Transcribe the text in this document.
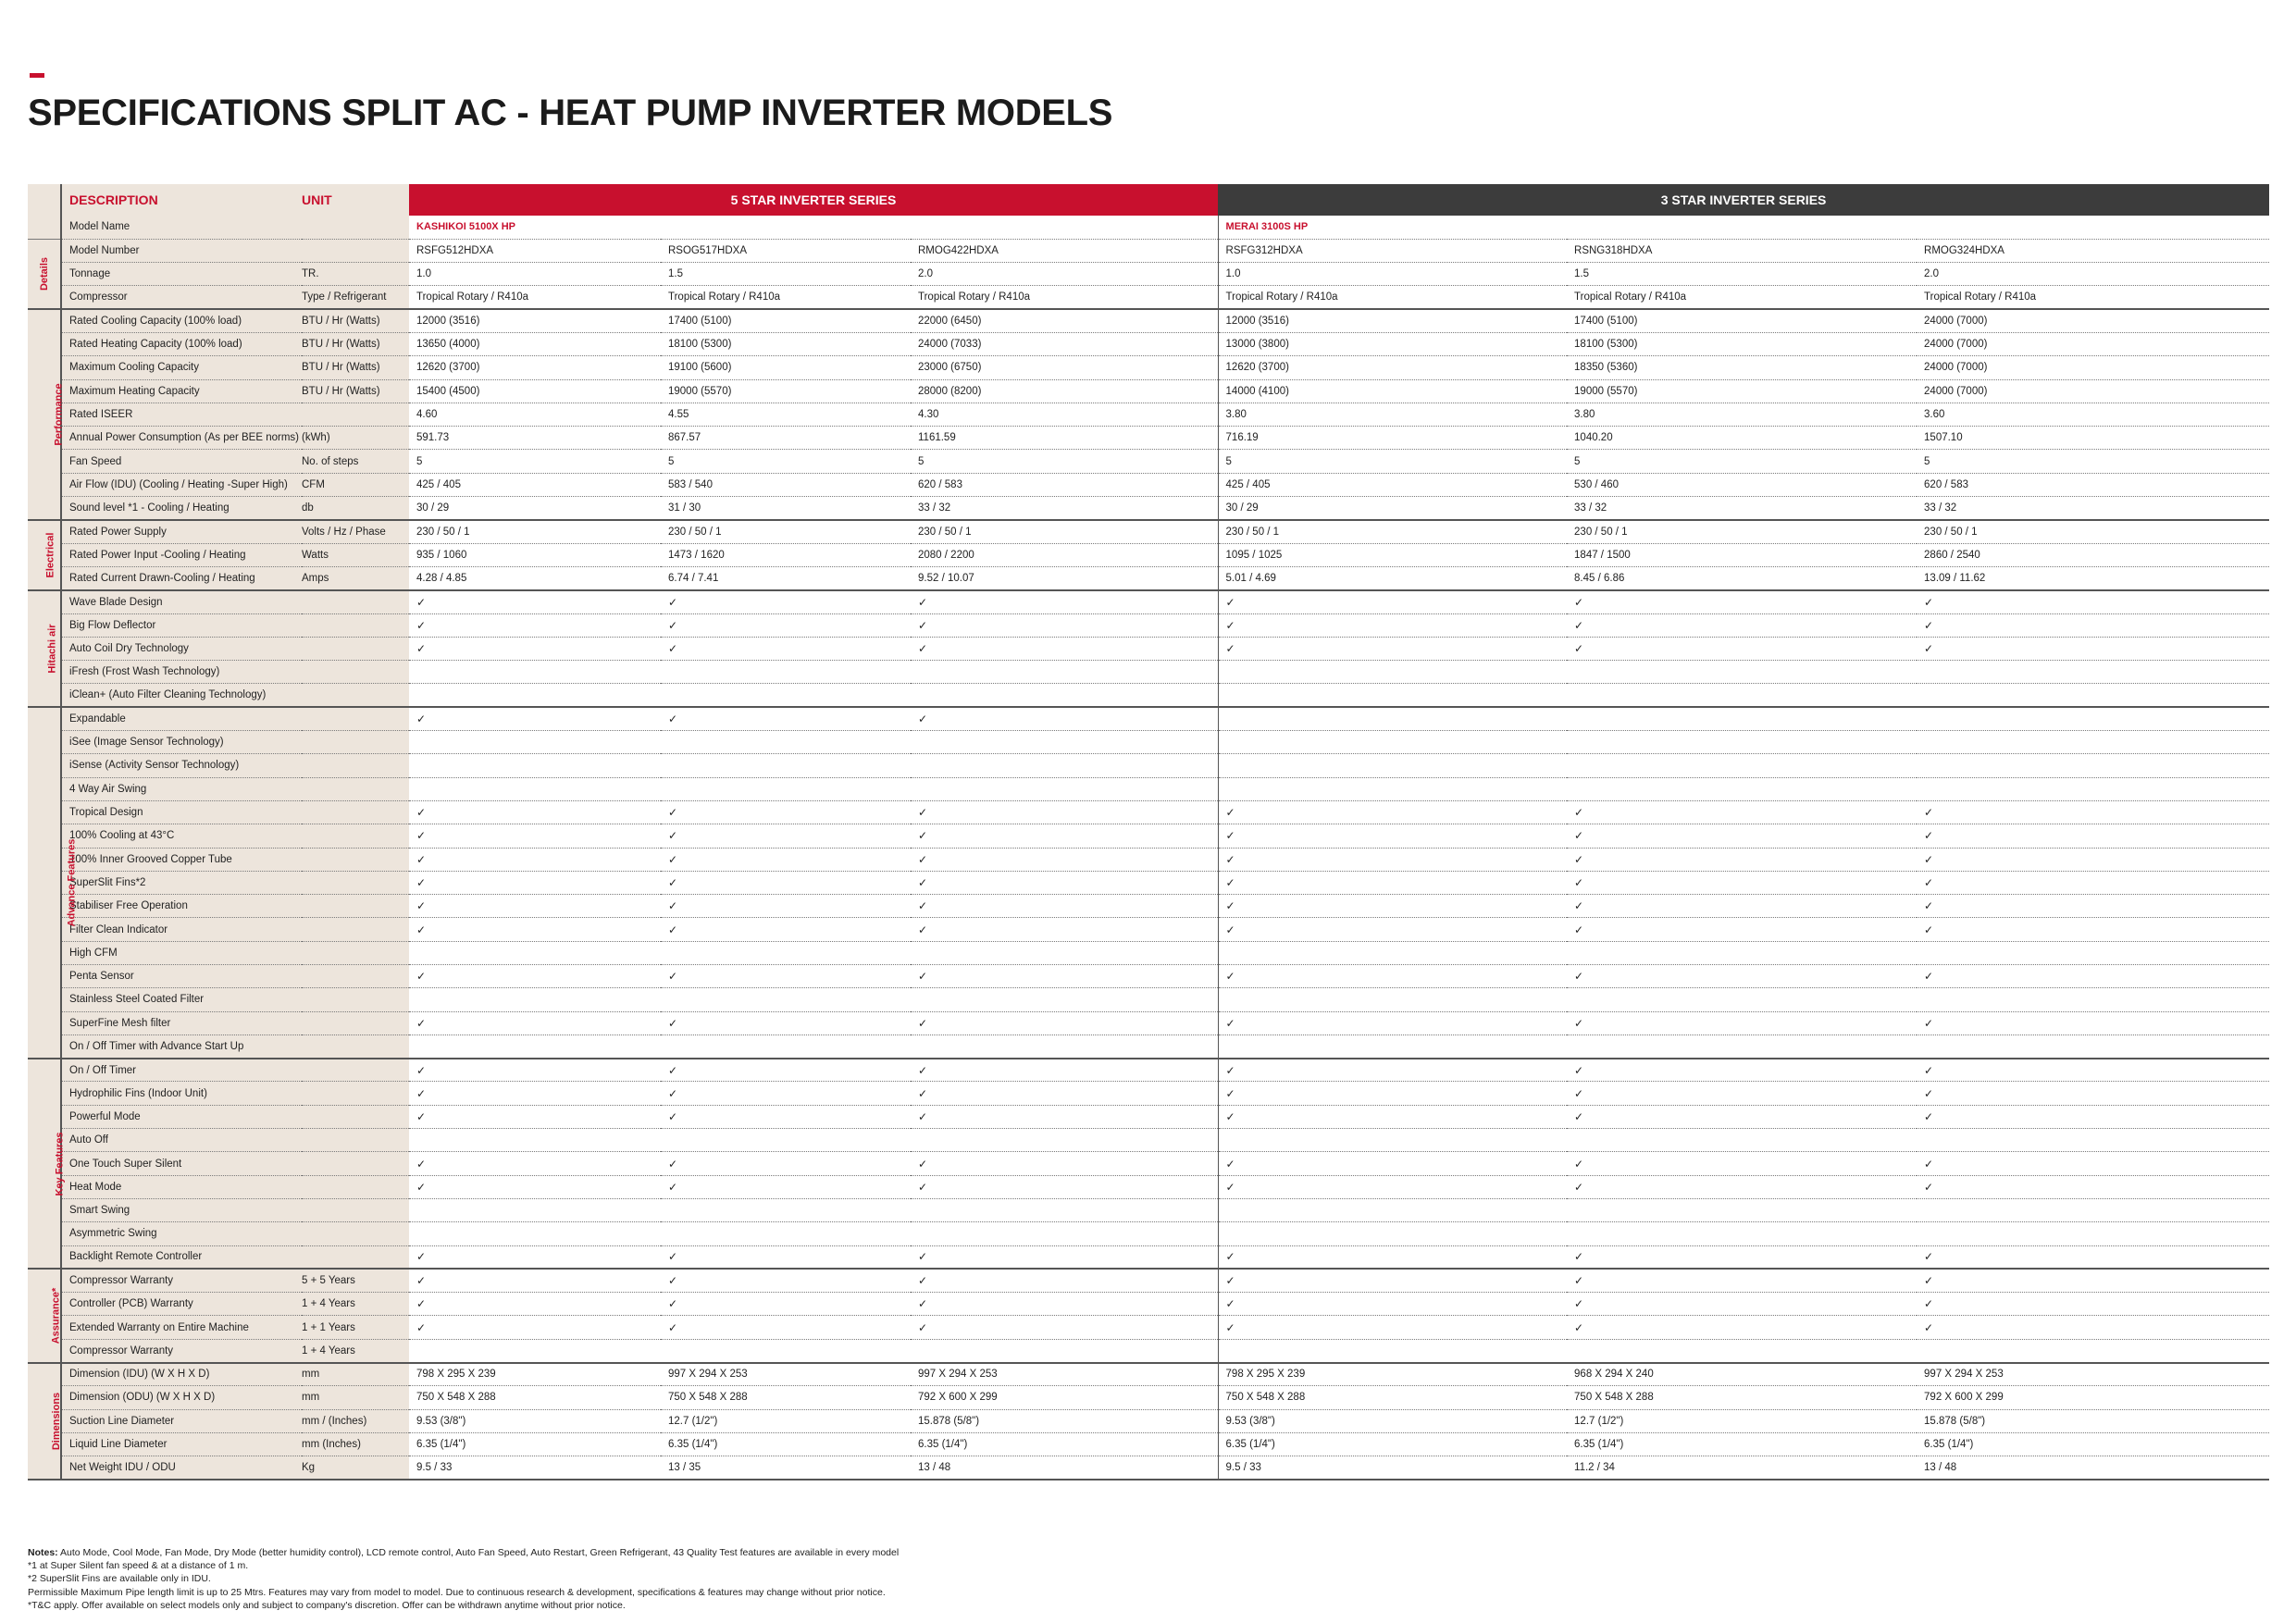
SPECIFICATIONS SPLIT AC - HEAT PUMP INVERTER MODELS
	DESCRIPTION	UNIT	5 STAR INVERTER SERIES			3 STAR INVERTER SERIES		
	Model Name		KASHIKOI 5100X HP			MERAI 3100S HP		
Details	Model Number		RSFG512HDXA	RSOG517HDXA	RMOG422HDXA	RSFG312HDXA	RSNG318HDXA	RMOG324HDXA
	Tonnage	TR.	1.0	1.5	2.0	1.0	1.5	2.0
	Compressor	Type / Refrigerant	Tropical Rotary / R410a	Tropical Rotary / R410a	Tropical Rotary / R410a	Tropical Rotary / R410a	Tropical Rotary / R410a	Tropical Rotary / R410a
Performance	Rated Cooling Capacity (100% load)	BTU / Hr (Watts)	12000 (3516)	17400 (5100)	22000 (6450)	12000 (3516)	17400 (5100)	24000 (7000)
	Rated Heating Capacity (100% load)	BTU / Hr (Watts)	13650 (4000)	18100 (5300)	24000 (7033)	13000 (3800)	18100 (5300)	24000 (7000)
	Maximum Cooling Capacity	BTU / Hr (Watts)	12620 (3700)	19100 (5600)	23000 (6750)	12620 (3700)	18350 (5360)	24000 (7000)
	Maximum Heating Capacity	BTU / Hr (Watts)	15400 (4500)	19000 (5570)	28000 (8200)	14000 (4100)	19000 (5570)	24000 (7000)
	Rated ISEER		4.60	4.55	4.30	3.80	3.80	3.60
	Annual Power Consumption (As per BEE norms)	(kWh)	591.73	867.57	1161.59	716.19	1040.20	1507.10
	Fan Speed	No. of steps	5	5	5	5	5	5
	Air Flow (IDU) (Cooling / Heating -Super High)	CFM	425 / 405	583 / 540	620 / 583	425 / 405	530 / 460	620 / 583
	Sound level *1 - Cooling / Heating	db	30 / 29	31 / 30	33 / 32	30 / 29	33 / 32	33 / 32
Electrical	Rated Power Supply	Volts / Hz / Phase	230 / 50 / 1	230 / 50 / 1	230 / 50 / 1	230 / 50 / 1	230 / 50 / 1	230 / 50 / 1
	Rated Power Input -Cooling / Heating	Watts	935 / 1060	1473 / 1620	2080 / 2200	1095 / 1025	1847 / 1500	2860 / 2540
	Rated Current Drawn-Cooling / Heating	Amps	4.28 / 4.85	6.74 / 7.41	9.52 / 10.07	5.01 / 4.69	8.45 / 6.86	13.09 / 11.62
Hitachi air	Wave Blade Design		✓	✓	✓	✓	✓	✓
	Big Flow Deflector		✓	✓	✓	✓	✓	✓
	Auto Coil Dry Technology		✓	✓	✓	✓	✓	✓
	iFresh (Frost Wash Technology)							
	iClean+ (Auto Filter Cleaning Technology)							
Advance Features	Expandable		✓	✓	✓			
	iSee (Image Sensor Technology)							
	iSense (Activity Sensor Technology)							
	4 Way Air Swing							
	Tropical Design		✓	✓	✓	✓	✓	✓
	100% Cooling at 43°C		✓	✓	✓	✓	✓	✓
	100% Inner Grooved Copper Tube		✓	✓	✓	✓	✓	✓
	SuperSlit Fins*2		✓	✓	✓	✓	✓	✓
	Stabiliser Free Operation		✓	✓	✓	✓	✓	✓
	Filter Clean Indicator		✓	✓	✓	✓	✓	✓
	High CFM							
	Penta Sensor		✓	✓	✓	✓	✓	✓
	Stainless Steel Coated Filter							
	SuperFine Mesh filter		✓	✓	✓	✓	✓	✓
	On / Off Timer with Advance Start Up							
Key Features	On / Off Timer		✓	✓	✓	✓	✓	✓
	Hydrophilic Fins (Indoor Unit)		✓	✓	✓	✓	✓	✓
	Powerful Mode		✓	✓	✓	✓	✓	✓
	Auto Off							
	One Touch Super Silent		✓	✓	✓	✓	✓	✓
	Heat Mode		✓	✓	✓	✓	✓	✓
	Smart Swing							
	Asymmetric Swing							
	Backlight Remote Controller		✓	✓	✓	✓	✓	✓
Assurance*	Compressor Warranty	5 + 5 Years	✓	✓	✓	✓	✓	✓
	Controller (PCB) Warranty	1 + 4 Years	✓	✓	✓	✓	✓	✓
	Extended Warranty on Entire Machine	1 + 1 Years	✓	✓	✓	✓	✓	✓
	Compressor Warranty	1 + 4 Years						
Dimensions	Dimension (IDU) (W X H X D)	mm	798 X 295 X 239	997 X 294 X 253	997 X 294 X 253	798 X 295 X 239	968 X 294 X 240	997 X 294 X 253
	Dimension (ODU) (W X H X D)	mm	750 X 548 X 288	750 X 548 X 288	792 X 600 X 299	750 X 548 X 288	750 X 548 X 288	792 X 600 X 299
	Suction Line Diameter	mm / (Inches)	9.53 (3/8")	12.7 (1/2")	15.878 (5/8")	9.53 (3/8")	12.7 (1/2")	15.878 (5/8")
	Liquid Line Diameter	mm (Inches)	6.35 (1/4")	6.35 (1/4")	6.35 (1/4")	6.35 (1/4")	6.35 (1/4")	6.35 (1/4")
	Net Weight IDU / ODU	Kg	9.5 / 33	13 / 35	13 / 48	9.5 / 33	11.2 / 34	13 / 48
Notes: Auto Mode, Cool Mode, Fan Mode, Dry Mode (better humidity control), LCD remote control, Auto Fan Speed, Auto Restart, Green Refrigerant, 43 Quality Test features are available in every model
*1 at Super Silent fan speed & at a distance of 1 m.
*2 SuperSlit Fins are available only in IDU.
Permissible Maximum Pipe length limit is up to 25 Mtrs. Features may vary from model to model. Due to continuous research & development, specifications & features may change without prior notice.
*T&C apply. Offer available on select models only and subject to company's discretion. Offer can be withdrawn anytime without prior notice.
